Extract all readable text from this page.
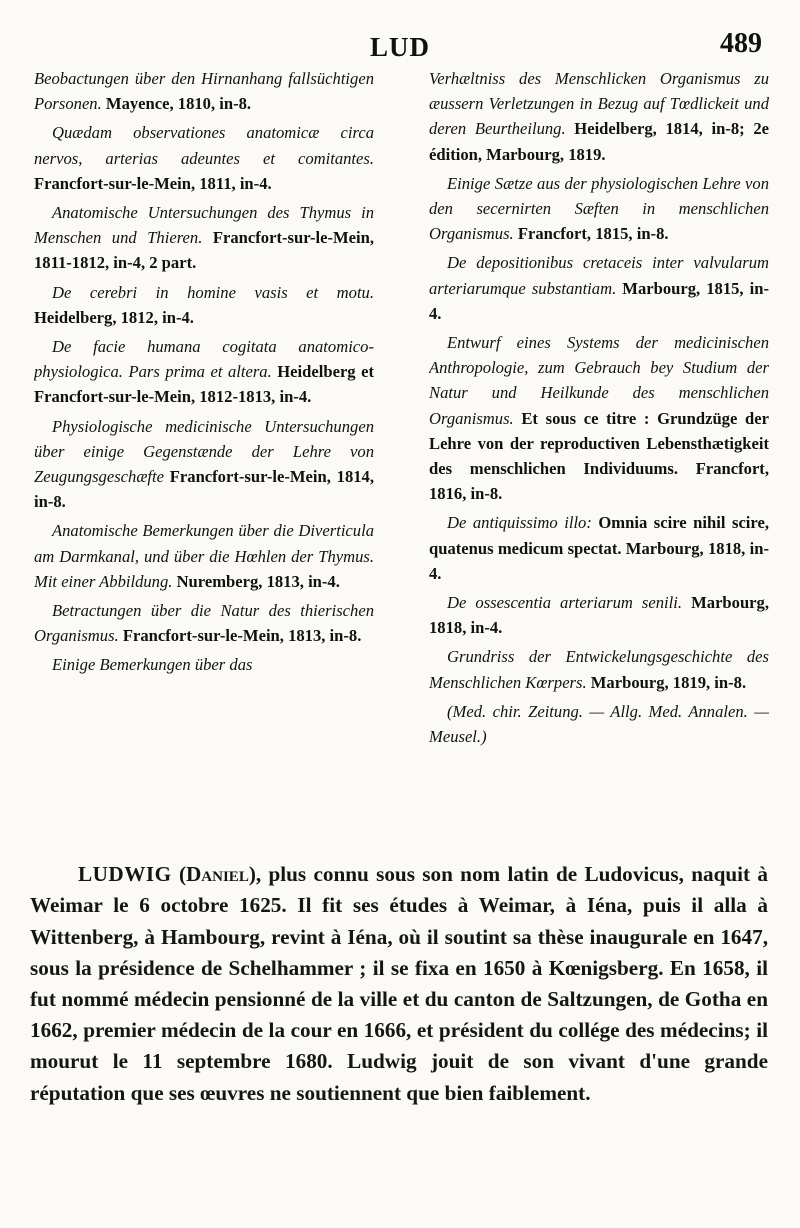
LUD	489

Beobactungen über den Hirnanhang fallsüchtigen Porsonen. Mayence, 1810, in-8.

Quædam observationes anatomicæ circa nervos, arterias adeuntes et comitantes. Francfort-sur-le-Mein, 1811, in-4.

Anatomische Untersuchungen des Thymus in Menschen und Thieren. Francfort-sur-le-Mein, 1811-1812, in-4, 2 part.

De cerebri in homine vasis et motu. Heidelberg, 1812, in-4.

De facie humana cogitata anatomico-physiologica. Pars prima et altera. Heidelberg et Francfort-sur-le-Mein, 1812-1813, in-4.

Physiologische medicinische Untersuchungen über einige Gegenstænde der Lehre von Zeugungsgeschæfte Francfort-sur-le-Mein, 1814, in-8.

Anatomische Bemerkungen über die Diverticula am Darmkanal, und über die Hœhlen der Thymus. Mit einer Abbildung. Nuremberg, 1813, in-4.

Betractungen über die Natur des thierischen Organismus. Francfort-sur-le-Mein, 1813, in-8.

Einige Bemerkungen über das

Verhæltniss des Menschlicken Organismus zu æussern Verletzungen in Bezug auf Tœdlickeit und deren Beurtheilung. Heidelberg, 1814, in-8; 2e édition, Marbourg, 1819.

Einige Sætze aus der physiologischen Lehre von den secernirten Sæften in menschlichen Organismus. Francfort, 1815, in-8.

De depositionibus cretaceis inter valvularum arteriarumque substantiam. Marbourg, 1815, in-4.

Entwurf eines Systems der medicinischen Anthropologie, zum Gebrauch bey Studium der Natur und Heilkunde des menschlichen Organismus. Et sous ce titre : Grundzüge der Lehre von der reproductiven Lebensthætigkeit des menschlichen Individuums. Francfort, 1816, in-8.

De antiquissimo illo: Omnia scire nihil scire, quatenus medicum spectat. Marbourg, 1818, in-4.

De ossescentia arteriarum senili. Marbourg, 1818, in-4.

Grundriss der Entwickelungsgeschichte des Menschlichen Kœrpers. Marbourg, 1819, in-8.

(Med. chir. Zeitung. — Allg. Med. Annalen. — Meusel.)

LUDWIG (Daniel), plus connu sous son nom latin de Ludovicus, naquit à Weimar le 6 octobre 1625. Il fit ses études à Weimar, à Iéna, puis il alla à Wittenberg, à Hambourg, revint à Iéna, où il soutint sa thèse inaugurale en 1647, sous la présidence de Schelhammer ; il se fixa en 1650 à Kœnigsberg. En 1658, il fut nommé médecin pensionné de la ville et du canton de Saltzungen, de Gotha en 1662, premier médecin de la cour en 1666, et président du collége des médecins; il mourut le 11 septembre 1680. Ludwig jouit de son vivant d'une grande réputation que ses œuvres ne soutiennent que bien faiblement.
